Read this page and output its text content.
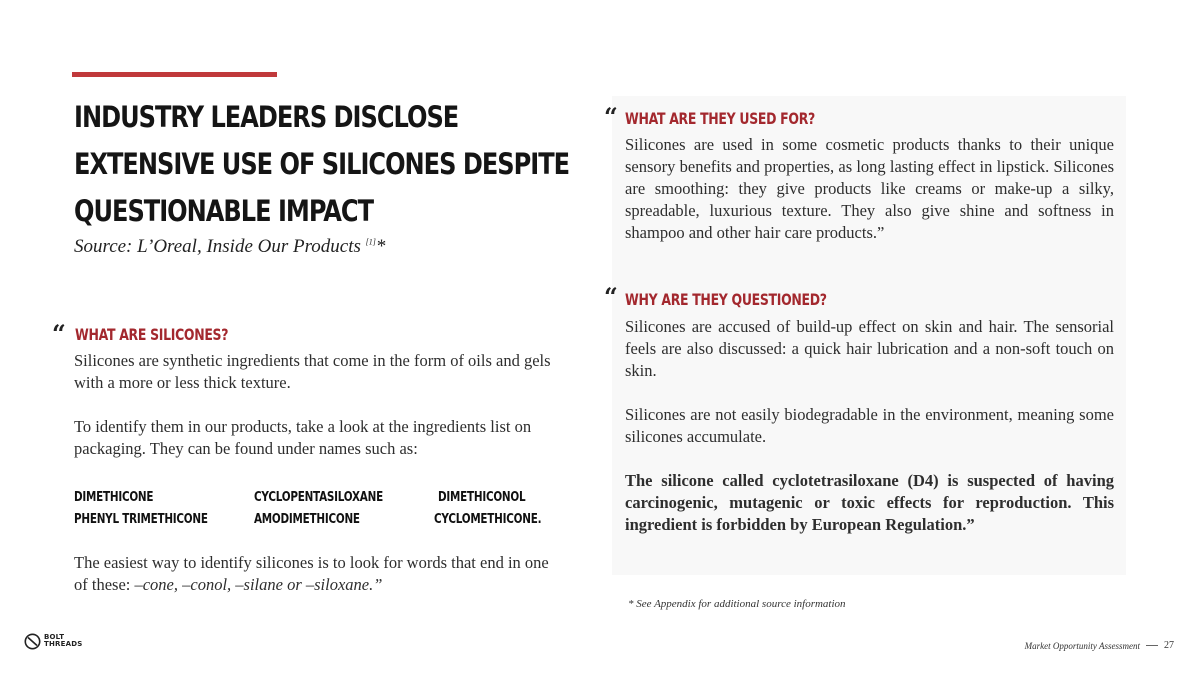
INDUSTRY LEADERS DISCLOSE
EXTENSIVE USE OF SILICONES DESPITE
QUESTIONABLE IMPACT
Source: L’Oreal, Inside Our Products [1]*
“ WHAT ARE SILICONES?

Silicones are synthetic ingredients that come in the form of oils and gels with a more or less thick texture.

To identify them in our products, take a look at the ingredients list on packaging. They can be found under names such as:

DIMETHICONE	CYCLOPENTASILOXANE	DIMETHICONOL
PHENYL TRIMETHICONE	AMODIMETHICONE	CYCLOMETHICONE.
The easiest way to identify silicones is to look for words that end in one of these: –cone, –conol, –silane or –siloxane.”
“ WHAT ARE THEY USED FOR?

Silicones are used in some cosmetic products thanks to their unique sensory benefits and properties, as long lasting effect in lipstick. Silicones are smoothing: they give products like creams or make-up a silky, spreadable, luxurious texture. They also give shine and softness in shampoo and other hair care products.”

“ WHY ARE THEY QUESTIONED?

Silicones are accused of build-up effect on skin and hair. The sensorial feels are also discussed: a quick hair lubrication and a non-soft touch on skin.

Silicones are not easily biodegradable in the environment, meaning some silicones accumulate.

The silicone called cyclotetrasiloxane (D4) is suspected of having carcinogenic, mutagenic or toxic effects for reproduction. This ingredient is forbidden by European Regulation.”

* See Appendix for additional source information
BOLT
THREADS	Market Opportunity Assessment 27
